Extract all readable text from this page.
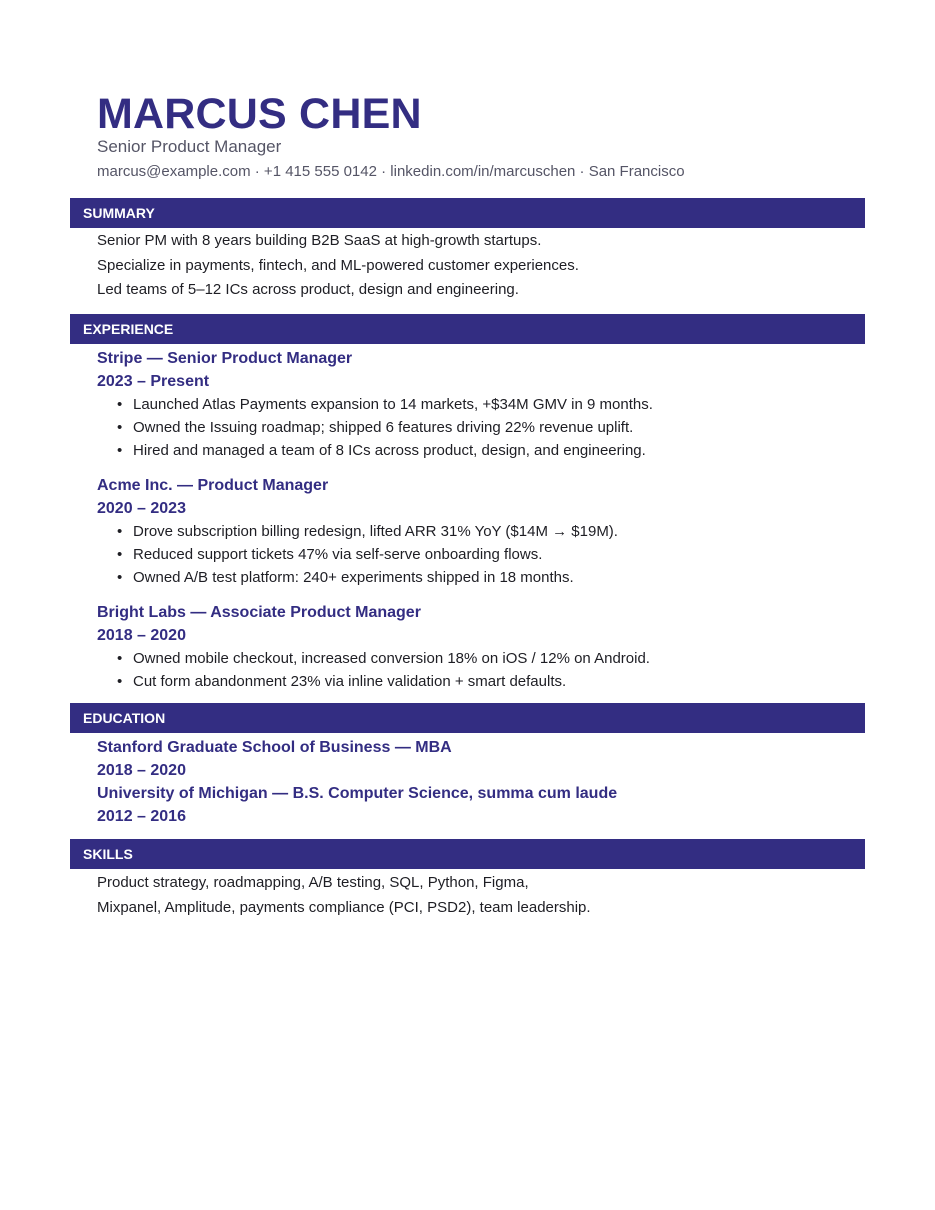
MARCUS CHEN
Senior Product Manager
marcus@example.com · +1 415 555 0142 · linkedin.com/in/marcuschen · San Francisco
SUMMARY
Senior PM with 8 years building B2B SaaS at high-growth startups.
Specialize in payments, fintech, and ML-powered customer experiences.
Led teams of 5–12 ICs across product, design and engineering.
EXPERIENCE
Stripe — Senior Product Manager
2023 – Present
• Launched Atlas Payments expansion to 14 markets, +$34M GMV in 9 months.
• Owned the Issuing roadmap; shipped 6 features driving 22% revenue uplift.
• Hired and managed a team of 8 ICs across product, design, and engineering.
Acme Inc. — Product Manager
2020 – 2023
• Drove subscription billing redesign, lifted ARR 31% YoY ($14M → $19M).
• Reduced support tickets 47% via self-serve onboarding flows.
• Owned A/B test platform: 240+ experiments shipped in 18 months.
Bright Labs — Associate Product Manager
2018 – 2020
• Owned mobile checkout, increased conversion 18% on iOS / 12% on Android.
• Cut form abandonment 23% via inline validation + smart defaults.
EDUCATION
Stanford Graduate School of Business — MBA
2018 – 2020
University of Michigan — B.S. Computer Science, summa cum laude
2012 – 2016
SKILLS
Product strategy, roadmapping, A/B testing, SQL, Python, Figma,
Mixpanel, Amplitude, payments compliance (PCI, PSD2), team leadership.
